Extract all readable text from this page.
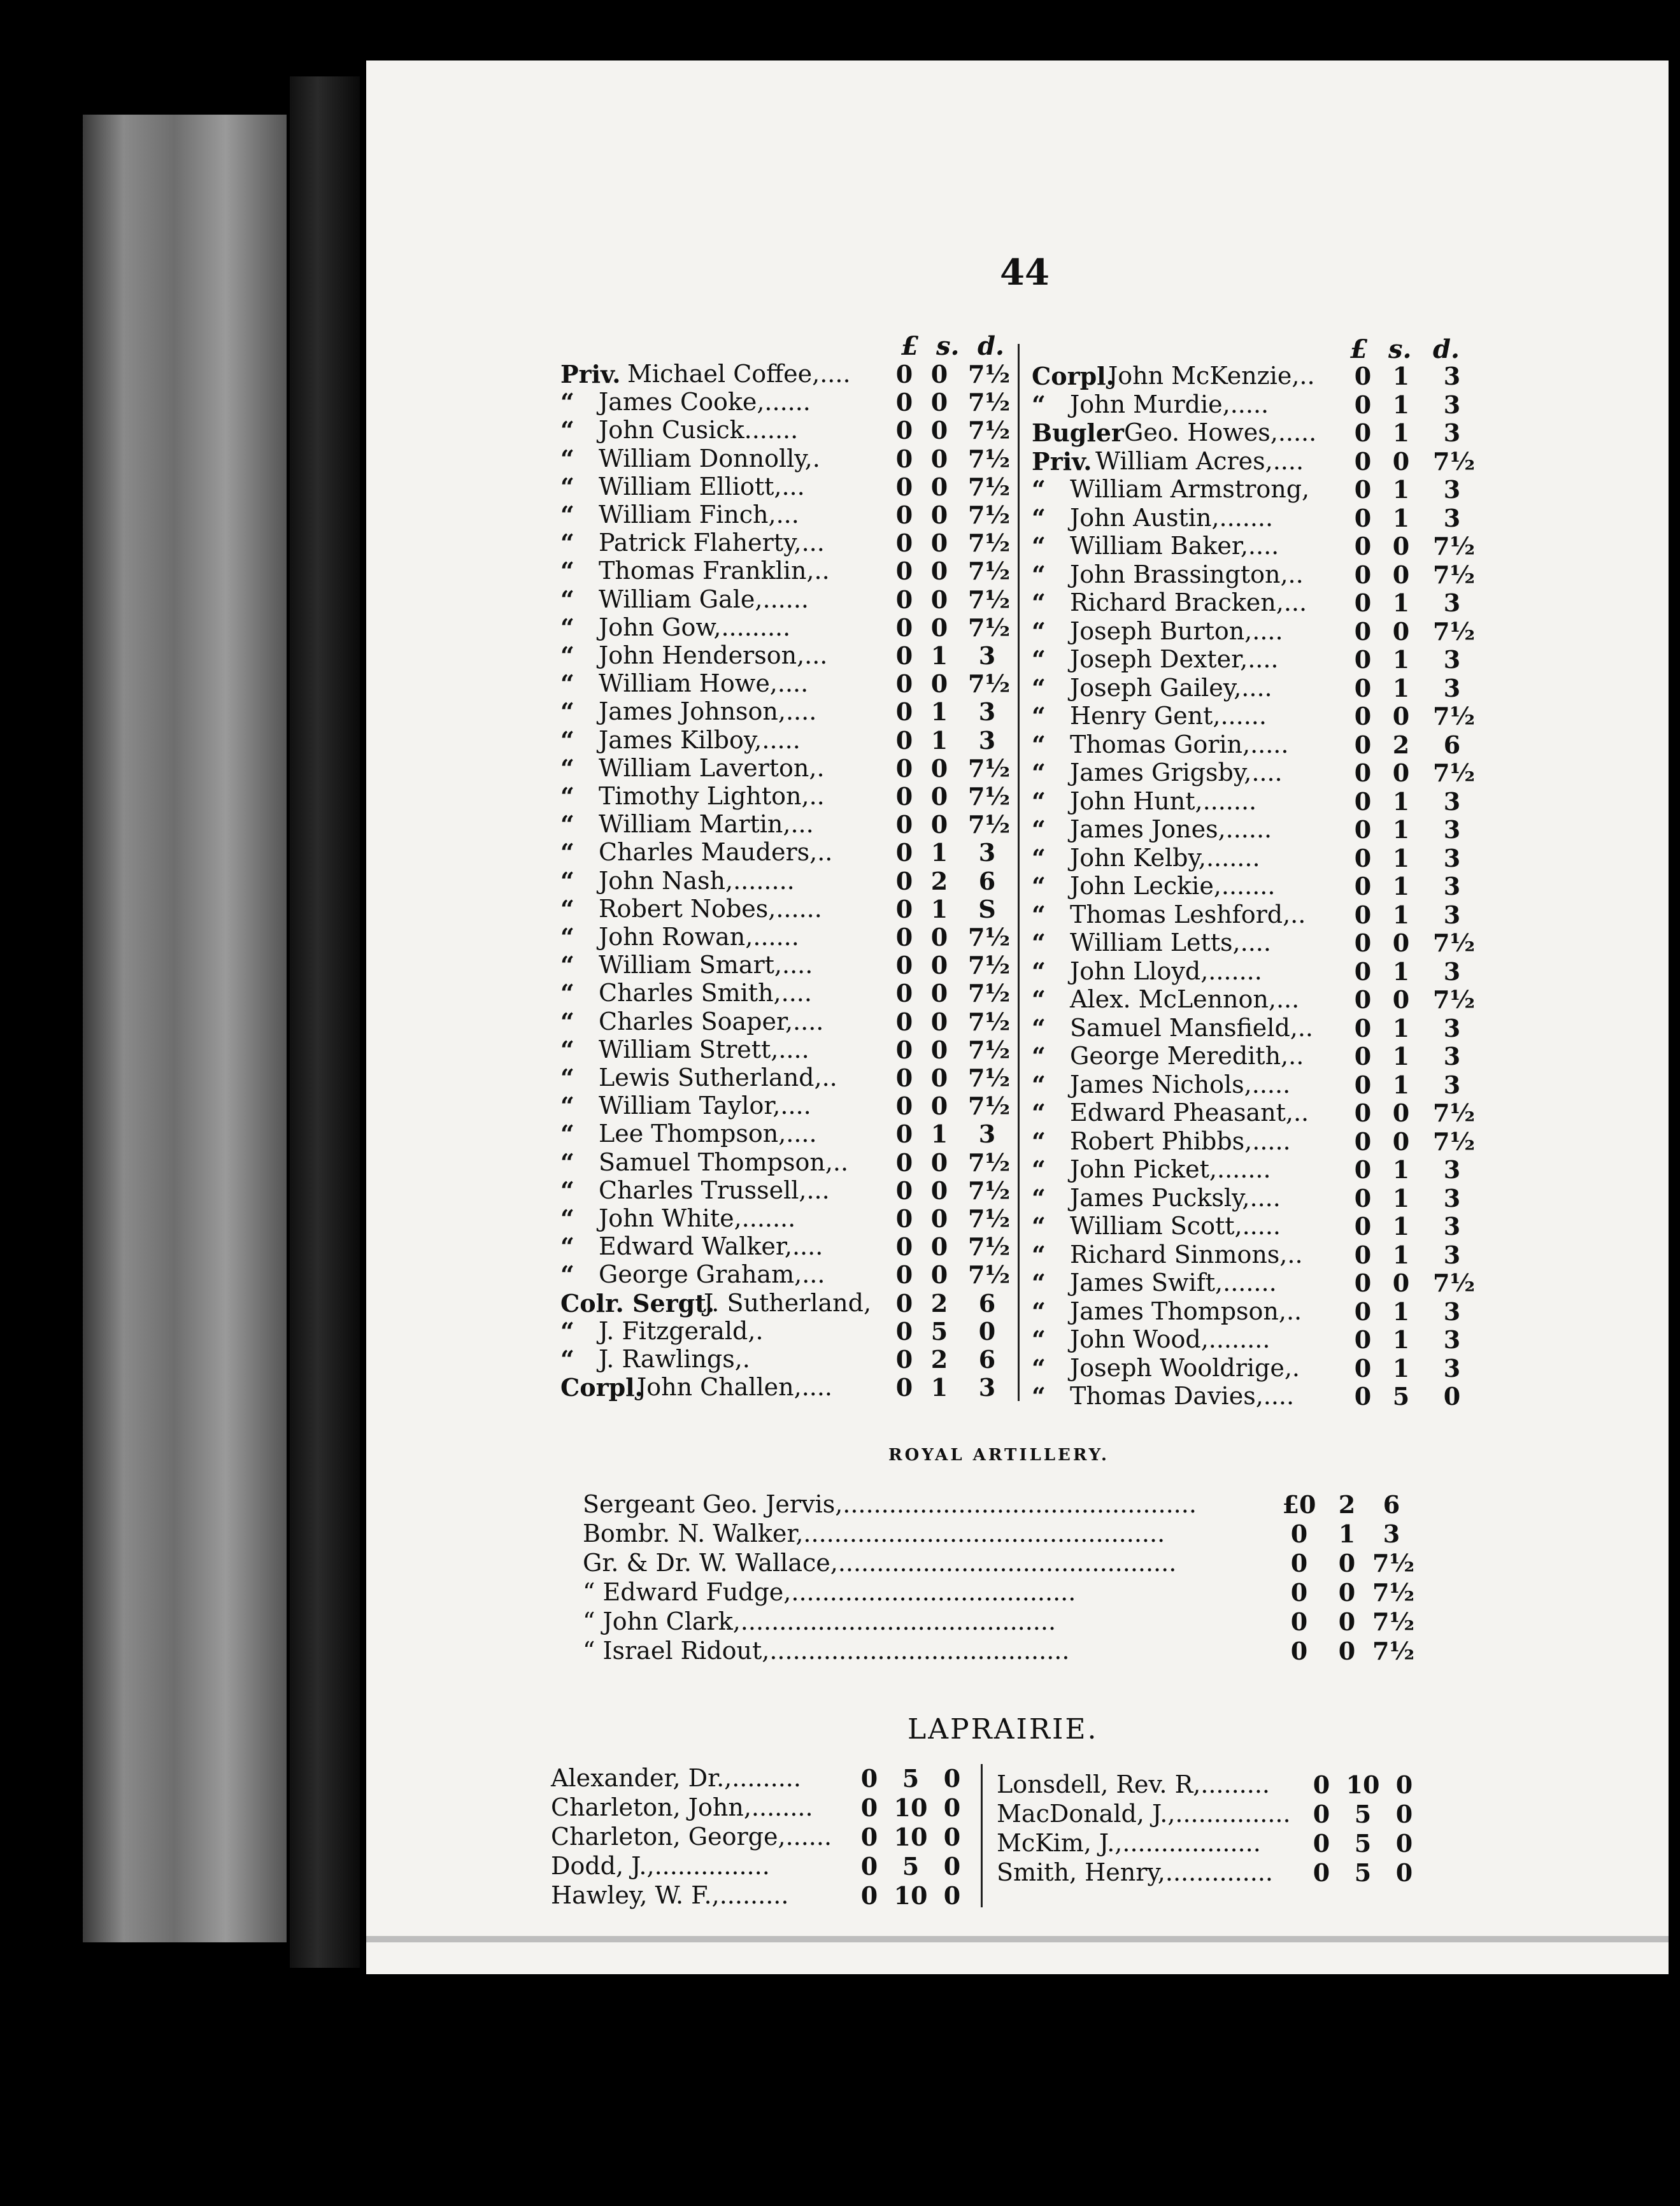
44
£ s. d.	£ s. d.
Priv. Michael Coffee,.... 0 0 7½
“ James Cooke,......	0 0 7½
“ John Cusick.......	0 0 7½
“ William Donnolly,.	0 0 7½
“ William Elliott,...	0 0 7½
“ William Finch,...	0 0 7½
“ Patrick Flaherty,...	0 0 7½
“ Thomas Franklin,..	0 0 7½
“ William Gale,......	0 0 7½
“ John Gow,.........	0 0 7½
“ John Henderson,...	0 1	3
“ William Howe,....	0 0 7½
“ James Johnson,....	0 1	3
“ James Kilboy,.....	0 1	3
“ William Laverton,.	0 0 7½
“ Timothy Lighton,..	0 0 7½
“ William Martin,...	0 0 7½
“ Charles Mauders,..	0 1	3
“ John Nash,........	0 2	6
“ Robert Nobes,......	0 1	S
“ John Rowan,......	0 0 7½
“ William Smart,....	0 0 7½
“ Charles Smith,....	0 0 7½
“ Charles Soaper,....	0 0 7½
“ William Strett,....	0 0 7½
“ Lewis Sutherland,.. 0 0 7½
“ William Taylor,....	0 0 7½
“ Lee Thompson,....	0 1	3
“ Samuel Thompson,.. 0 0 7½
“ Charles Trussell,...	0 0 7½
“ John White,.......	0 0 7½
“ Edward Walker,....	0 0 7½
“ George Graham,...	0 0 7½
Colr. Sergt.
J. Sutherland, 0 2	6
“ J. Fitzgerald,.	0 5	0
“ J. Rawlings,.	0 2	6
Corpl.
John Challen,....	0 1	3
Corpl.
John McKenzie,.. 0 1	3
“ John Murdie,.....	0 1	3
Bugler Geo. Howes,..... 0 1	3
Priv. William Acres,.... 0 0 7½
“ William Armstrong, 0 1	3
“ John Austin,.......	0 1	3
“ William Baker,....	0 0 7½
“ John Brassington,.. 0 0 7½
“ Richard Bracken,... 0 1	3
“ Joseph Burton,....	0 0 7½
“ Joseph Dexter,....	0 1	3
“ Joseph Gailey,....	0 1	3
“ Henry Gent,......	0 0 7½
“ Thomas Gorin,.....	0 2	6
“ James Grigsby,....	0 0 7½
“ John Hunt,.......	0 1	3
“ James Jones,......	0 1	3
“ John Kelby,.......	0 1	3
“ John Leckie,.......	0 1	3
“ Thomas Leshford,.. 0 1	3
“ William Letts,....	0 0 7½
“ John Lloyd,.......	0 1	3
“ Alex. McLennon,... 0 0 7½
“ Samuel Mansfield,.. 0 1	3
“ George Meredith,.. 0 1	3
“ James Nichols,.....	0 1	3
“ Edward Pheasant,.. 0 0 7½
“ Robert Phibbs,.....	0 0 7½
“ John Picket,.......	0 1	3
“ James Pucksly,....	0 1	3
“ William Scott,.....	0 1	3
“ Richard Sinmons,.. 0 1	3
“ James Swift,.......	0 0 7½
“ James Thompson,.. 0 1	3
“ John Wood,........	0 1	3
“ Joseph Wooldrige,. 0 1	3
“ Thomas Davies,.... 0 5	0
ROYAL ARTILLERY.
Sergeant Geo. Jervis,..............................................	£0 2	6
Bombr. N. Walker,...............................................	0	1	3
Gr. & Dr. W. Wallace,............................................	0	0 7½
“ Edward Fudge,.....................................	0	0 7½
“ John Clark,.........................................	0	0 7½
“ Israel Ridout,.......................................	0	0 7½
LAPRAIRIE.
Alexander, Dr.,......... 0	5	0
Charleton, John,........ 0 10 0
Charleton, George,...... 0 10 0
Dodd, J.,...............	0	5	0
Hawley, W. F.,.........	0 10 0
Lonsdell, Rev. R,......... 0 10 0
MacDonald, J.,............... 0	5	0
McKim, J.,.................. 0	5	0
Smith, Henry,.............. 0	5	0
